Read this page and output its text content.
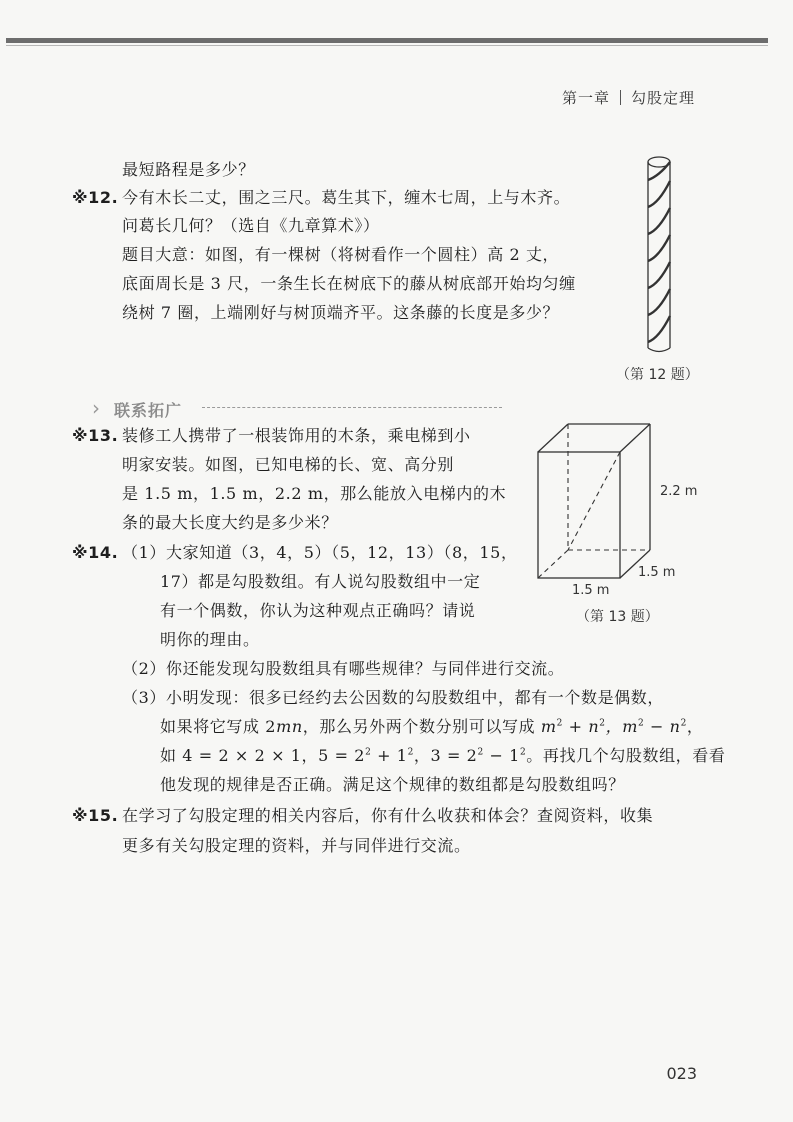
第一章 勾股定理
最短路程是多少？
※12. 今有木长二丈，围之三尺。葛生其下，缠木七周，上与木齐。
问葛长几何？（选自《九章算术》）
题目大意：如图，有一棵树（将树看作一个圆柱）高 2 丈，
底面周长是 3 尺，一条生长在树底下的藤从树底部开始均匀缠
绕树 7 圈，上端刚好与树顶端齐平。这条藤的长度是多少？
（第 12 题）
› 联系拓广
※13. 装修工人携带了一根装饰用的木条，乘电梯到小
明家安装。如图，已知电梯的长、宽、高分别
是 1.5 m，1.5 m，2.2 m，那么能放入电梯内的木
条的最大长度大约是多少米？
2.2 m
1.5 m
1.5 m
（第 13 题）
※14. （1）大家知道（3，4，5）（5，12，13）（8，15，
17）都是勾股数组。有人说勾股数组中一定
有一个偶数，你认为这种观点正确吗？请说
明你的理由。
（2）你还能发现勾股数组具有哪些规律？与同伴进行交流。
（3）小明发现：很多已经约去公因数的勾股数组中，都有一个数是偶数，
如果将它写成 2mn，那么另外两个数分别可以写成 $m^2 + n^2$，$m^2 - n^2$，
如 4 = 2 × 2 × 1，$5 = 2^2 + 1^2$，$3 = 2^2 - 1^2$。再找几个勾股数组，看看
他发现的规律是否正确。满足这个规律的数组都是勾股数组吗？
※15. 在学习了勾股定理的相关内容后，你有什么收获和体会？查阅资料，收集
更多有关勾股定理的资料，并与同伴进行交流。
023
